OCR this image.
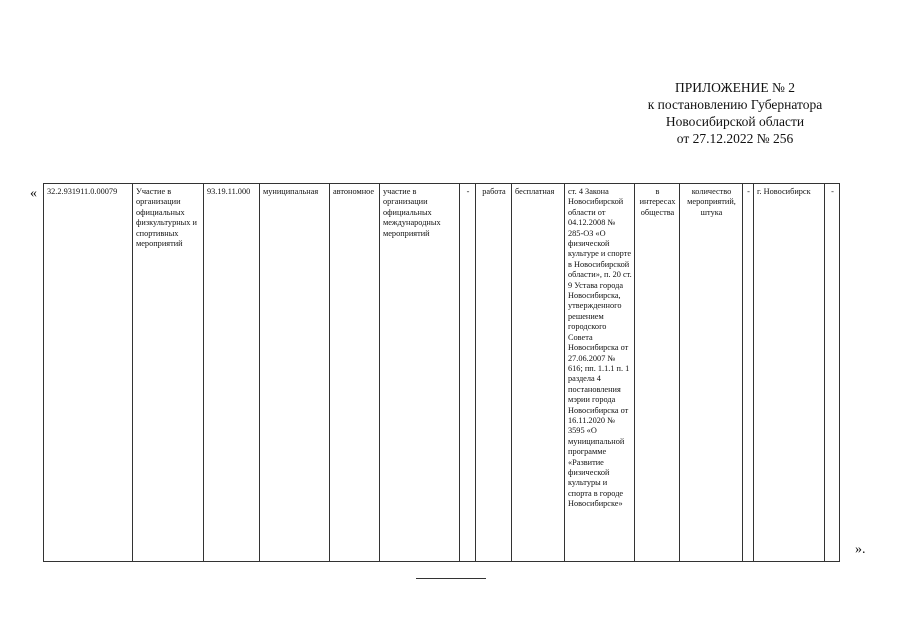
ПРИЛОЖЕНИЕ № 2
к постановлению Губернатора
Новосибирской области
от 27.12.2022 № 256
« 32.2.931911.0.00079	Участие в организации официальных физкультурных и спортивных мероприятий	93.19.11.000	муниципальная	автономное	участие в организации официальных международных мероприятий	-	работа	бесплатная	ст. 4 Закона Новосибирской области от 04.12.2008 № 285-ОЗ «О физической культуре и спорте в Новосибирской области», п. 20 ст. 9 Устава города Новосибирска, утвержденного решением городского Совета Новосибирска от 27.06.2007 № 616; пп. 1.1.1 п. 1 раздела 4 постановления мэрии города Новосибирска от 16.11.2020 № 3595 «О муниципальной программе «Развитие физической культуры и спорта в городе Новосибирске»	в интересах общества	количество мероприятий, штука	-	г. Новосибирск	-
».
